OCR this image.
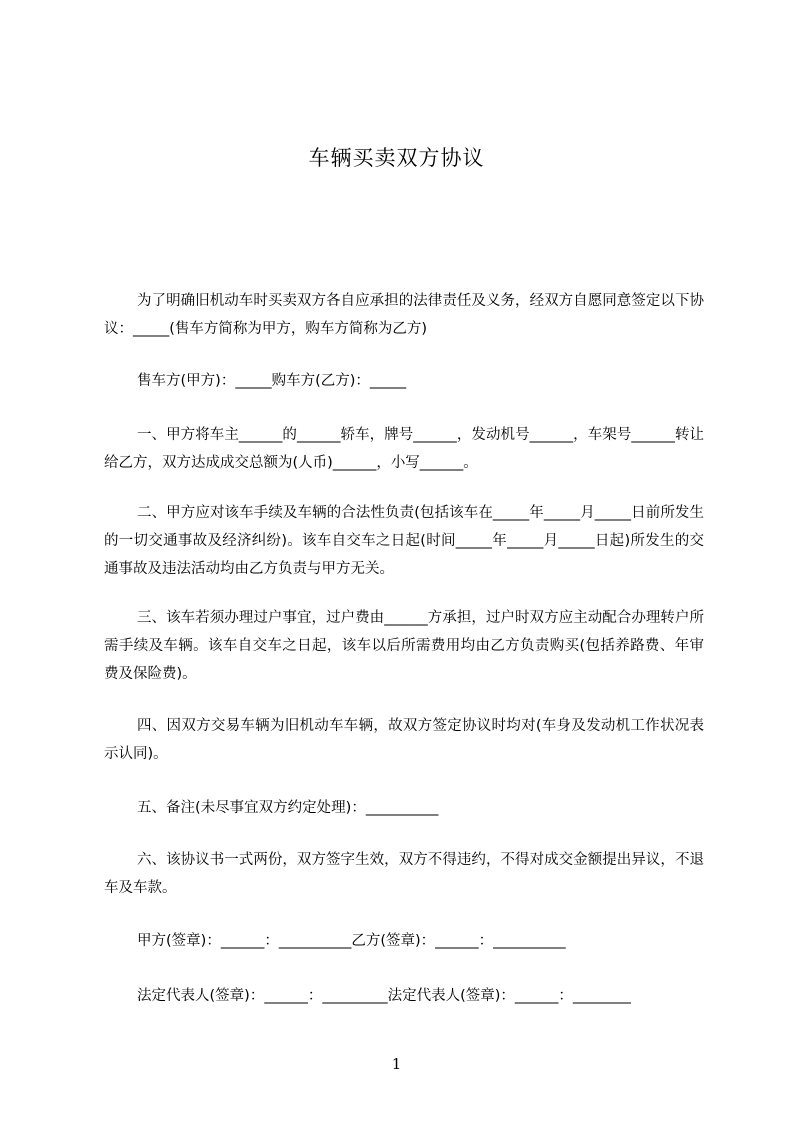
车辆买卖双方协议

为了明确旧机动车时买卖双方各自应承担的法律责任及义务，经双方自愿同意签定以下协议：_____(售车方简称为甲方，购车方简称为乙方)

售车方(甲方)：_____购车方(乙方)：_____

一、甲方将车主______的______轿车，牌号______，发动机号______，车架号______转让给乙方，双方达成成交总额为(人币)______，小写______。

二、甲方应对该车手续及车辆的合法性负责(包括该车在_____年_____月_____日前所发生的一切交通事故及经济纠纷)。该车自交车之日起(时间_____年_____月_____日起)所发生的交通事故及违法活动均由乙方负责与甲方无关。

三、该车若须办理过户事宜，过户费由______方承担，过户时双方应主动配合办理转户所需手续及车辆。该车自交车之日起，该车以后所需费用均由乙方负责购买(包括养路费、年审费及保险费)。

四、因双方交易车辆为旧机动车车辆，故双方签定协议时均对(车身及发动机工作状况表示认同)。

五、备注(未尽事宜双方约定处理)：__________

六、该协议书一式两份，双方签字生效，双方不得违约，不得对成交金额提出异议，不退车及车款。

甲方(签章)：______：__________乙方(签章)：______：__________

法定代表人(签章)：______：_________法定代表人(签章)：______：________

1
